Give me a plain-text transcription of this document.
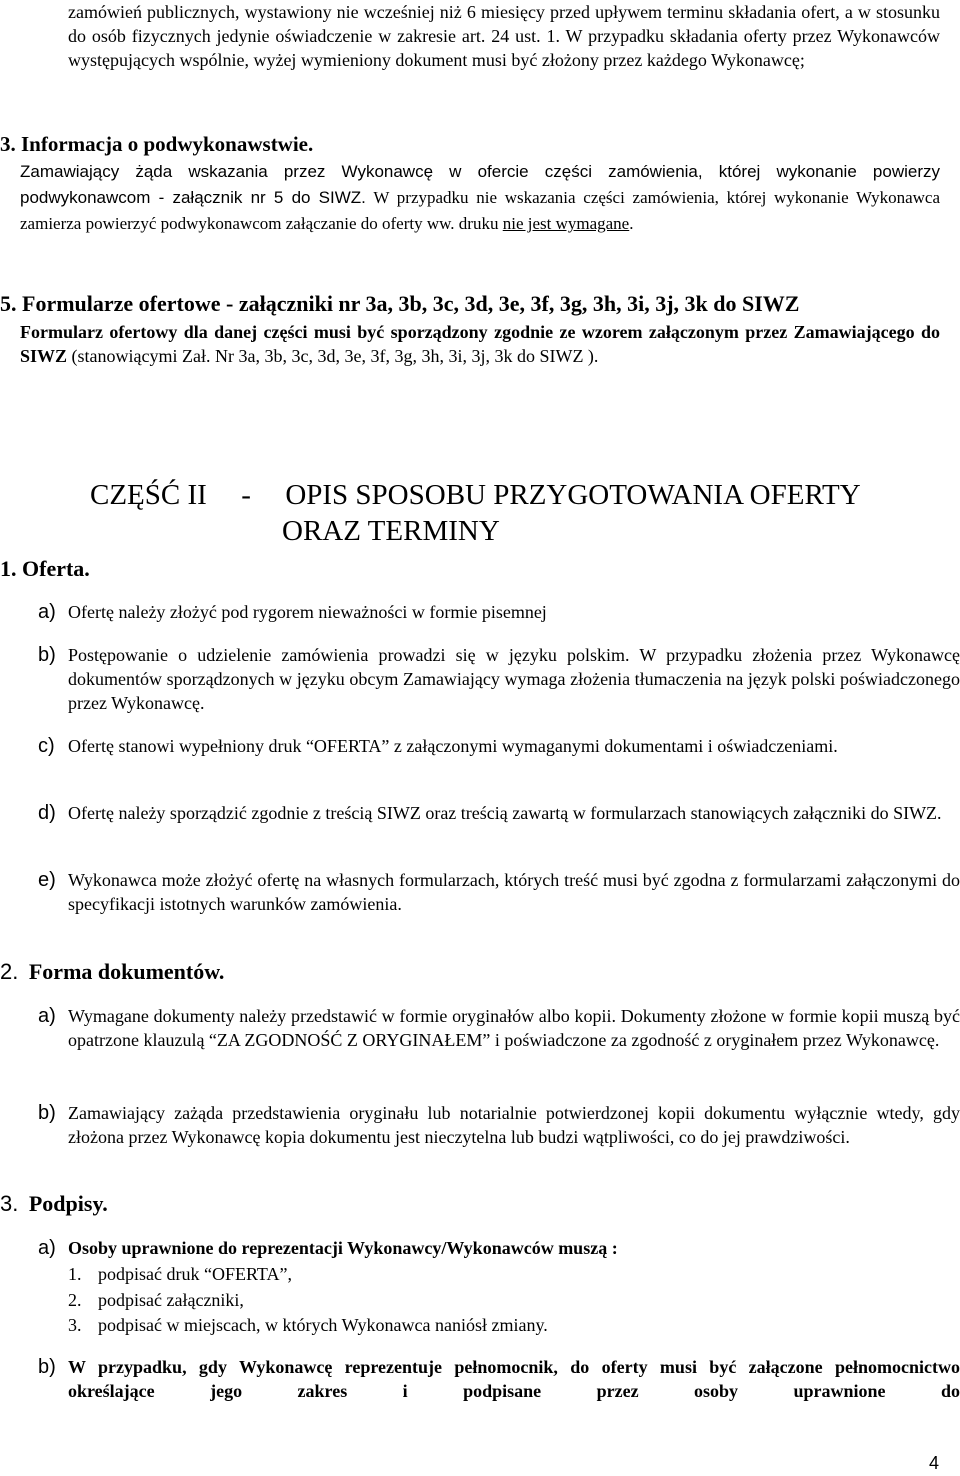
zamówień publicznych, wystawiony nie wcześniej niż 6 miesięcy przed upływem terminu składania ofert, a w stosunku do osób fizycznych jedynie oświadczenie w zakresie art. 24 ust. 1. W przypadku składania oferty przez Wykonawców występujących wspólnie, wyżej wymieniony dokument musi być złożony przez każdego Wykonawcę;

3. Informacja o podwykonawstwie.

Zamawiający żąda wskazania przez Wykonawcę w ofercie części zamówienia, której wykonanie powierzy podwykonawcom - załącznik nr 5 do SIWZ. W przypadku nie wskazania części zamówienia, której wykonanie Wykonawca zamierza powierzyć podwykonawcom załączanie do oferty ww. druku nie jest wymagane.

5. Formularze ofertowe - załączniki nr 3a, 3b, 3c, 3d, 3e, 3f, 3g, 3h, 3i, 3j, 3k do SIWZ

Formularz ofertowy dla danej części musi być sporządzony zgodnie ze wzorem załączonym przez Zamawiającego do SIWZ (stanowiącymi Zał. Nr 3a, 3b, 3c, 3d, 3e, 3f, 3g, 3h, 3i, 3j, 3k do SIWZ ).

CZĘŚĆ II - OPIS SPOSOBU PRZYGOTOWANIA OFERTY
ORAZ TERMINY

1. Oferta.

a) Ofertę należy złożyć pod rygorem nieważności w formie pisemnej

b) Postępowanie o udzielenie zamówienia prowadzi się w języku polskim. W przypadku złożenia przez Wykonawcę dokumentów sporządzonych w języku obcym Zamawiający wymaga złożenia tłumaczenia na język polski poświadczonego przez Wykonawcę.

c) Ofertę stanowi wypełniony druk “OFERTA” z załączonymi wymaganymi dokumentami i oświadczeniami.

d) Ofertę należy sporządzić zgodnie z treścią SIWZ oraz treścią zawartą w formularzach stanowiących załączniki do SIWZ.

e) Wykonawca może złożyć ofertę na własnych formularzach, których treść musi być zgodna z formularzami załączonymi do specyfikacji istotnych warunków zamówienia.

2. Forma dokumentów.
a) Wymagane dokumenty należy przedstawić w formie oryginałów albo kopii. Dokumenty złożone w formie kopii muszą być opatrzone klauzulą “ZA ZGODNOŚĆ Z ORYGINAŁEM” i poświadczone za zgodność z oryginałem przez Wykonawcę.

b) Zamawiający zażąda przedstawienia oryginału lub notarialnie potwierdzonej kopii dokumentu wyłącznie wtedy, gdy złożona przez Wykonawcę kopia dokumentu jest nieczytelna lub budzi wątpliwości, co do jej prawdziwości.

3. Podpisy.
a) Osoby uprawnione do reprezentacji Wykonawcy/Wykonawców muszą :

1. podpisać druk “OFERTA”,
2. podpisać załączniki,
3. podpisać w miejscach, w których Wykonawca naniósł zmiany.
b) W przypadku, gdy Wykonawcę reprezentuje pełnomocnik, do oferty musi być załączone pełnomocnictwo określające jego zakres i podpisane przez osoby uprawnione do

4
